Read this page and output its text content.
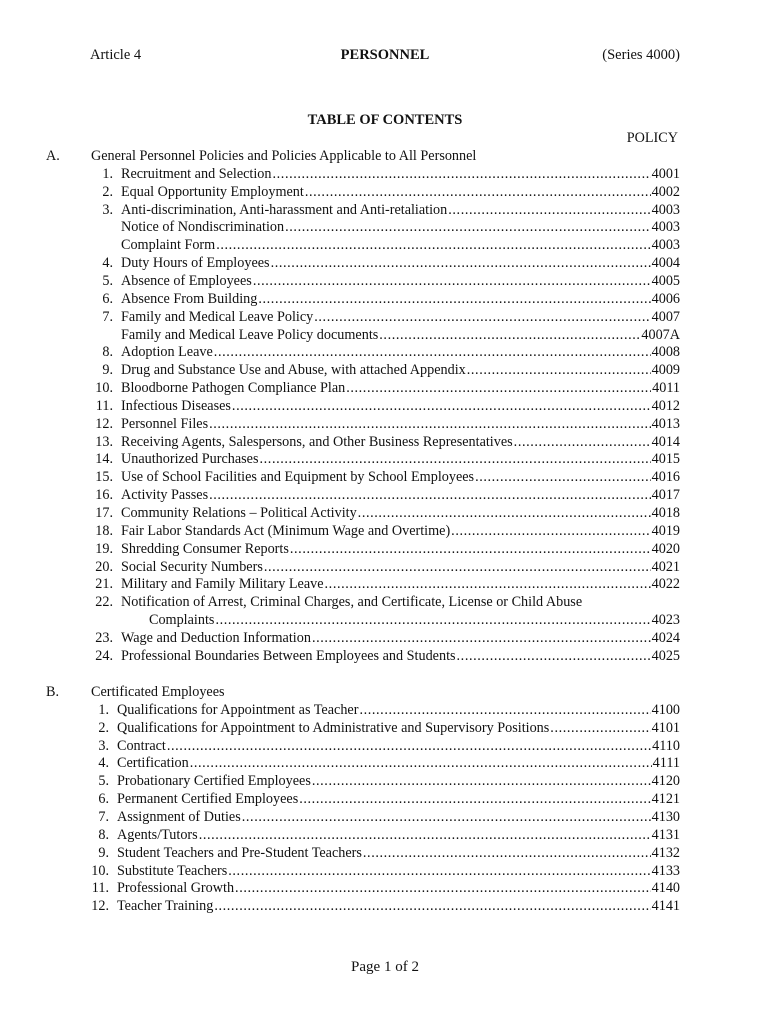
Article 4	PERSONNEL	(Series 4000)
TABLE OF CONTENTS
POLICY
A. General Personnel Policies and Policies Applicable to All Personnel
1. Recruitment and Selection .....	4001
2. Equal Opportunity Employment .....	4002
3. Anti-discrimination, Anti-harassment and Anti-retaliation .....	4003
Notice of Nondiscrimination .....	4003
Complaint Form .....	4003
4. Duty Hours of Employees .....	4004
5. Absence of Employees .....	4005
6. Absence From Building .....	4006
7. Family and Medical Leave Policy .....	4007
Family and Medical Leave Policy documents .....	4007A
8. Adoption Leave .....	4008
9. Drug and Substance Use and Abuse, with attached Appendix .....	4009
10. Bloodborne Pathogen Compliance Plan .....	4011
11. Infectious Diseases .....	4012
12. Personnel Files .....	4013
13. Receiving Agents, Salespersons, and Other Business Representatives .....	4014
14. Unauthorized Purchases .....	4015
15. Use of School Facilities and Equipment by School Employees .....	4016
16. Activity Passes .....	4017
17. Community Relations – Political Activity .....	4018
18. Fair Labor Standards Act (Minimum Wage and Overtime) .....	4019
19. Shredding Consumer Reports .....	4020
20. Social Security Numbers .....	4021
21. Military and Family Military Leave .....	4022
22. Notification of Arrest, Criminal Charges, and Certificate, License or Child Abuse
Complaints .....	4023
23. Wage and Deduction Information .....	4024
24. Professional Boundaries Between Employees and Students .....	4025
B. Certificated Employees
1. Qualifications for Appointment as Teacher .....	4100
2. Qualifications for Appointment to Administrative and Supervisory Positions .....	4101
3. Contract .....	4110
4. Certification .....	4111
5. Probationary Certified Employees .....	4120
6. Permanent Certified Employees .....	4121
7. Assignment of Duties .....	4130
8. Agents/Tutors .....	4131
9. Student Teachers and Pre-Student Teachers .....	4132
10. Substitute Teachers .....	4133
11. Professional Growth .....	4140
12. Teacher Training .....	4141
Page 1 of 2
